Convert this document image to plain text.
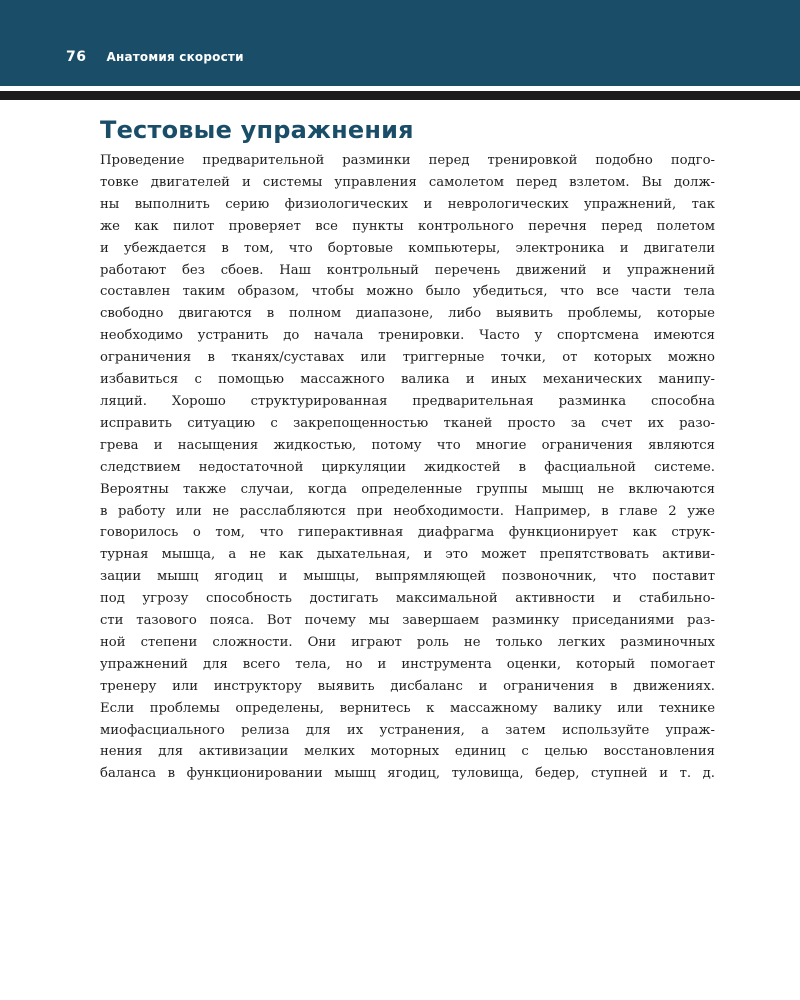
76 Анатомия скорости
Тестовые упражнения

Проведение предварительной разминки перед тренировкой подобно подго-
товке двигателей и системы управления самолетом перед взлетом. Вы долж-
ны выполнить серию физиологических и неврологических упражнений, так
же как пилот проверяет все пункты контрольного перечня перед полетом
и убеждается в том, что бортовые компьютеры, электроника и двигатели
работают без сбоев. Наш контрольный перечень движений и упражнений
составлен таким образом, чтобы можно было убедиться, что все части тела
свободно двигаются в полном диапазоне, либо выявить проблемы, которые
необходимо устранить до начала тренировки. Часто у спортсмена имеются
ограничения в тканях/суставах или триггерные точки, от которых можно
избавиться с помощью массажного валика и иных механических манипу-
ляций. Хорошо структурированная предварительная разминка способна
исправить ситуацию с закрепощенностью тканей просто за счет их разо-
грева и насыщения жидкостью, потому что многие ограничения являются
следствием недостаточной циркуляции жидкостей в фасциальной системе.
Вероятны также случаи, когда определенные группы мышц не включаются
в работу или не расслабляются при необходимости. Например, в главе 2 уже
говорилось о том, что гиперактивная диафрагма функционирует как струк-
турная мышца, а не как дыхательная, и это может препятствовать активи-
зации мышц ягодиц и мышцы, выпрямляющей позвоночник, что поставит
под угрозу способность достигать максимальной активности и стабильно-
сти тазового пояса. Вот почему мы завершаем разминку приседаниями раз-
ной степени сложности. Они играют роль не только легких разминочных
упражнений для всего тела, но и инструмента оценки, который помогает
тренеру или инструктору выявить дисбаланс и ограничения в движениях.
Если проблемы определены, вернитесь к массажному валику или технике
миофасциального релиза для их устранения, а затем используйте упраж-
нения для активизации мелких моторных единиц с целью восстановления
баланса в функционировании мышц ягодиц, туловища, бедер, ступней и т. д.
